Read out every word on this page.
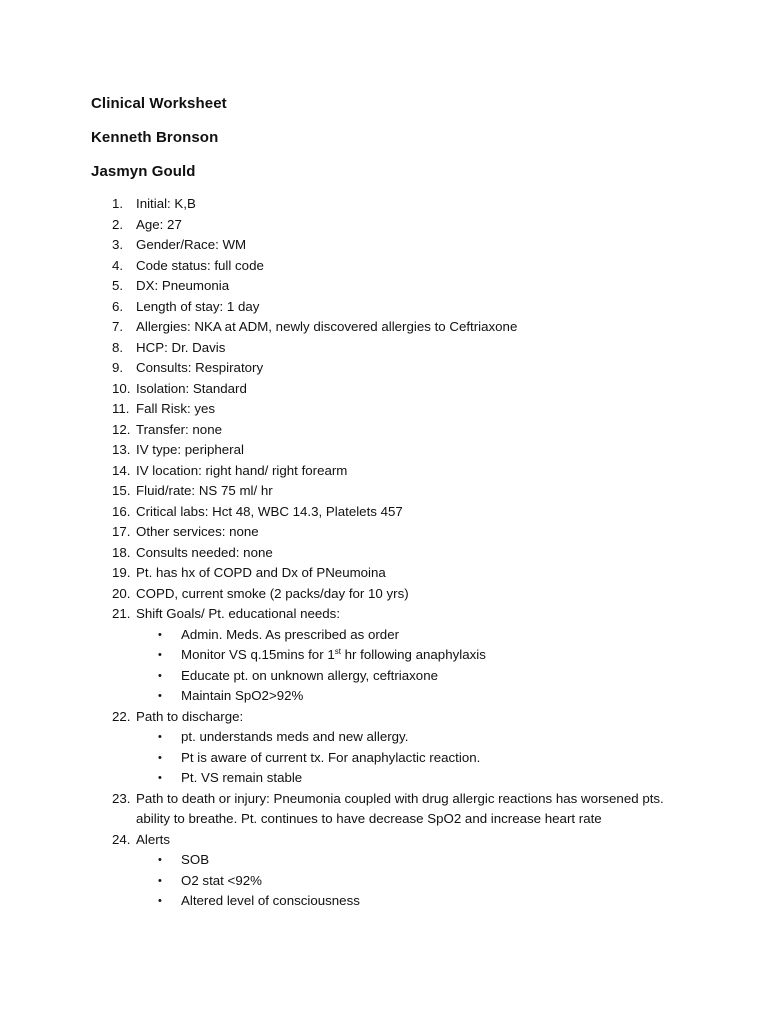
Clinical Worksheet
Kenneth Bronson
Jasmyn Gould
1. Initial: K,B
2. Age: 27
3. Gender/Race: WM
4. Code status: full code
5. DX: Pneumonia
6. Length of stay: 1 day
7. Allergies: NKA at ADM, newly discovered allergies to Ceftriaxone
8. HCP: Dr. Davis
9. Consults: Respiratory
10. Isolation: Standard
11. Fall Risk: yes
12. Transfer: none
13. IV type: peripheral
14. IV location: right hand/ right forearm
15. Fluid/rate: NS 75 ml/ hr
16. Critical labs: Hct 48, WBC 14.3, Platelets 457
17. Other services: none
18. Consults needed: none
19. Pt. has hx of COPD and Dx of PNeumoina
20. COPD, current smoke (2 packs/day for 10 yrs)
21. Shift Goals/ Pt. educational needs:
• Admin. Meds. As prescribed as order
• Monitor VS q.15mins for 1st hr following anaphylaxis
• Educate pt. on unknown allergy, ceftriaxone
• Maintain SpO2>92%
22. Path to discharge:
• pt. understands meds and new allergy.
• Pt is aware of current tx. For anaphylactic reaction.
• Pt. VS remain stable
23. Path to death or injury: Pneumonia coupled with drug allergic reactions has worsened pts. ability to breathe. Pt. continues to have decrease SpO2 and increase heart rate
24. Alerts
• SOB
• O2 stat <92%
• Altered level of consciousness
